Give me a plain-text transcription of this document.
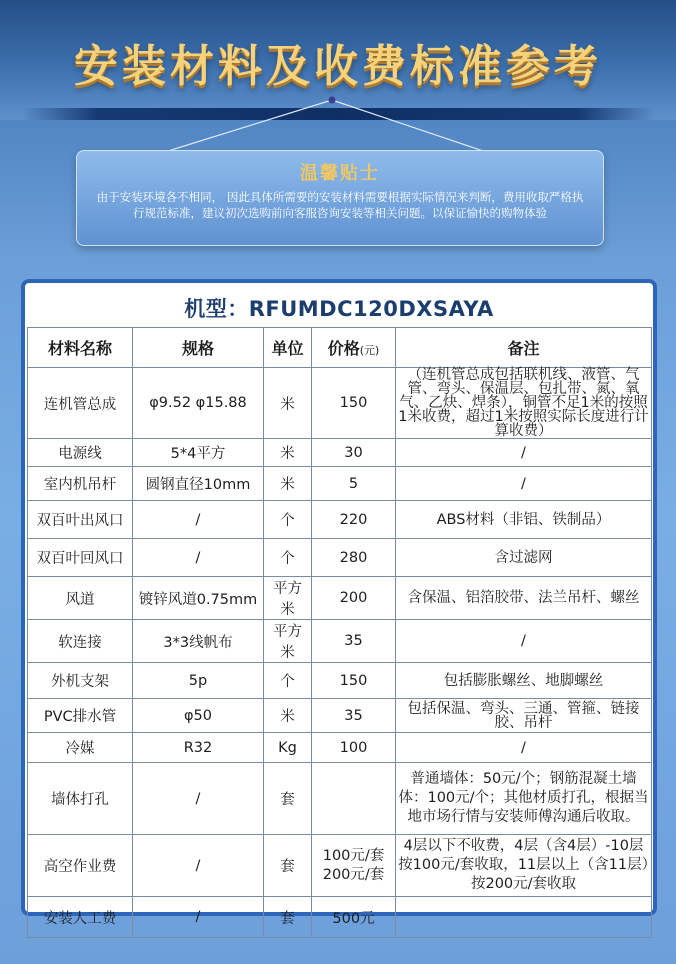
安装材料及收费标准参考
温馨贴士
由于安装环境各不相同， 因此具体所需要的安装材料需要根据实际情况来判断，费用收取严格执行规范标准，建议初次选购前向客服咨询安装等相关问题。以保证愉快的购物体验
机型：RFUMDC120DXSAYA
材料名称	规格	单位	价格(元)	备注
连机管总成	φ9.52 φ15.88	米	150	（连机管总成包括联机线、液管、气管、弯头、保温层、包扎带、氮、氧气、乙炔、焊条），铜管不足1米的按照1米收费，超过1米按照实际长度进行计算收费）
电源线	5*4平方	米	30	/
室内机吊杆	圆钢直径10mm	米	5	/
双百叶出风口	/	个	220	ABS材料（非铝、铁制品）
双百叶回风口	/	个	280	含过滤网
风道	镀锌风道0.75mm	平方米	200	含保温、铝箔胶带、法兰吊杆、螺丝
软连接	3*3线帆布	平方米	35	/
外机支架	5p	个	150	包括膨胀螺丝、地脚螺丝
PVC排水管	φ50	米	35	包括保温、弯头、三通、管箍、链接胶、吊杆
冷媒	R32	Kg	100	/
墙体打孔	/	套		普通墙体：50元/个；钢筋混凝土墙体：100元/个；其他材质打孔，根据当地市场行情与安装师傅沟通后收取。
高空作业费	/	套	100元/套 200元/套	4层以下不收费，4层（含4层）-10层按100元/套收取，11层以上（含11层）按200元/套收取
安装人工费	/	套	500元	
